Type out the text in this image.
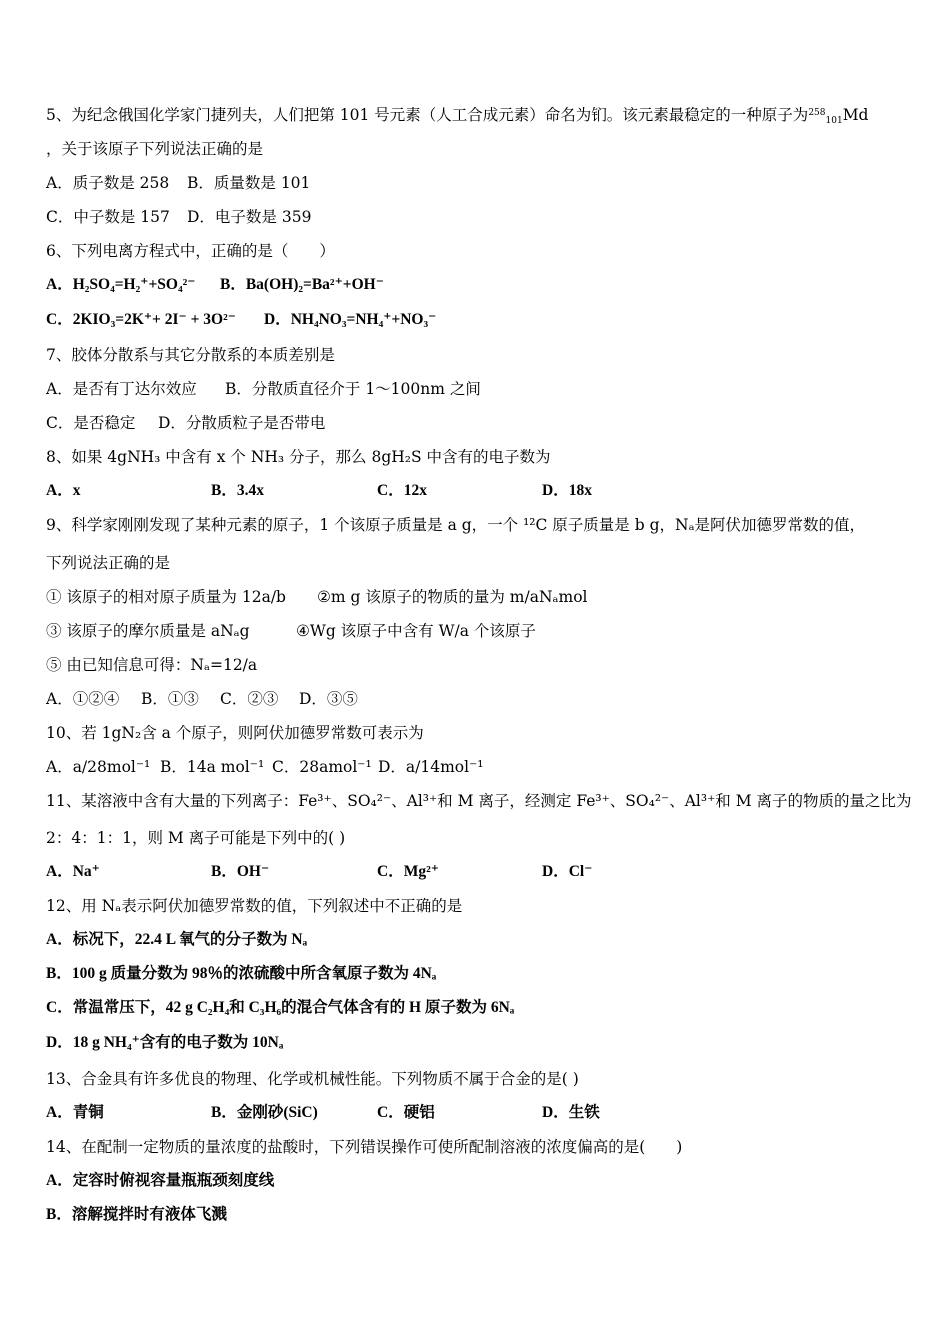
5、为纪念俄国化学家门捷列夫，人们把第 101 号元素（人工合成元素）命名为钔。该元素最稳定的一种原子为$^{258}$101Md
，关于该原子下列说法正确的是
A．质子数是 258 B．质量数是 101
C．中子数是 157 D．电子数是 359
6、下列电离方程式中，正确的是（　　）
A．H₂SO₄=H₂⁺+SO₄²⁻ B．Ba(OH)₂=Ba²⁺+OH⁻
C．2KIO₃=2K⁺+ 2I⁻ + 3O²⁻ D．NH₄NO₃=NH₄⁺+NO₃⁻
7、胶体分散系与其它分散系的本质差别是
A．是否有丁达尔效应 B．分散质直径介于 1～100nm 之间
C．是否稳定 D．分散质粒子是否带电
8、如果 4gNH₃ 中含有 x 个 NH₃ 分子，那么 8gH₂S 中含有的电子数为
A．x	B．3.4x	C．12x	D．18x
9、科学家刚刚发现了某种元素的原子，1 个该原子质量是 a g，一个 ¹²C 原子质量是 b g，Nₐ是阿伏加德罗常数的值，
下列说法正确的是
① 该原子的相对原子质量为 12a/b ②m g 该原子的物质的量为 m/aNₐmol
③ 该原子的摩尔质量是 aNₐg	④Wg 该原子中含有 W/a 个该原子
⑤ 由已知信息可得：Nₐ=12/a
A．①②④ B．①③ C．②③ D．③⑤
10、若 1gN₂含 a 个原子，则阿伏加德罗常数可表示为
A．a/28mol⁻¹ B．14a mol⁻¹ C．28amol⁻¹ D．a/14mol⁻¹
11、某溶液中含有大量的下列离子：Fe³⁺、SO₄²⁻、Al³⁺和 M 离子，经测定 Fe³⁺、SO₄²⁻、Al³⁺和 M 离子的物质的量之比为
2：4：1：1，则 M 离子可能是下列中的( )
A．Na⁺	B．OH⁻	C．Mg²⁺	D．Cl⁻
12、用 Nₐ表示阿伏加德罗常数的值，下列叙述中不正确的是
A．标况下，22.4 L 氧气的分子数为 Nₐ
B．100 g 质量分数为 98％的浓硫酸中所含氧原子数为 4Nₐ
C．常温常压下，42 g C₂H₄和 C₃H₆的混合气体含有的 H 原子数为 6Nₐ
D．18 g NH₄⁺含有的电子数为 10Nₐ
13、合金具有许多优良的物理、化学或机械性能。下列物质不属于合金的是( )
A．青铜	B．金刚砂(SiC)	C．硬铝	D．生铁
14、在配制一定物质的量浓度的盐酸时，下列错误操作可使所配制溶液的浓度偏高的是(　　)
A．定容时俯视容量瓶瓶颈刻度线
B．溶解搅拌时有液体飞溅
